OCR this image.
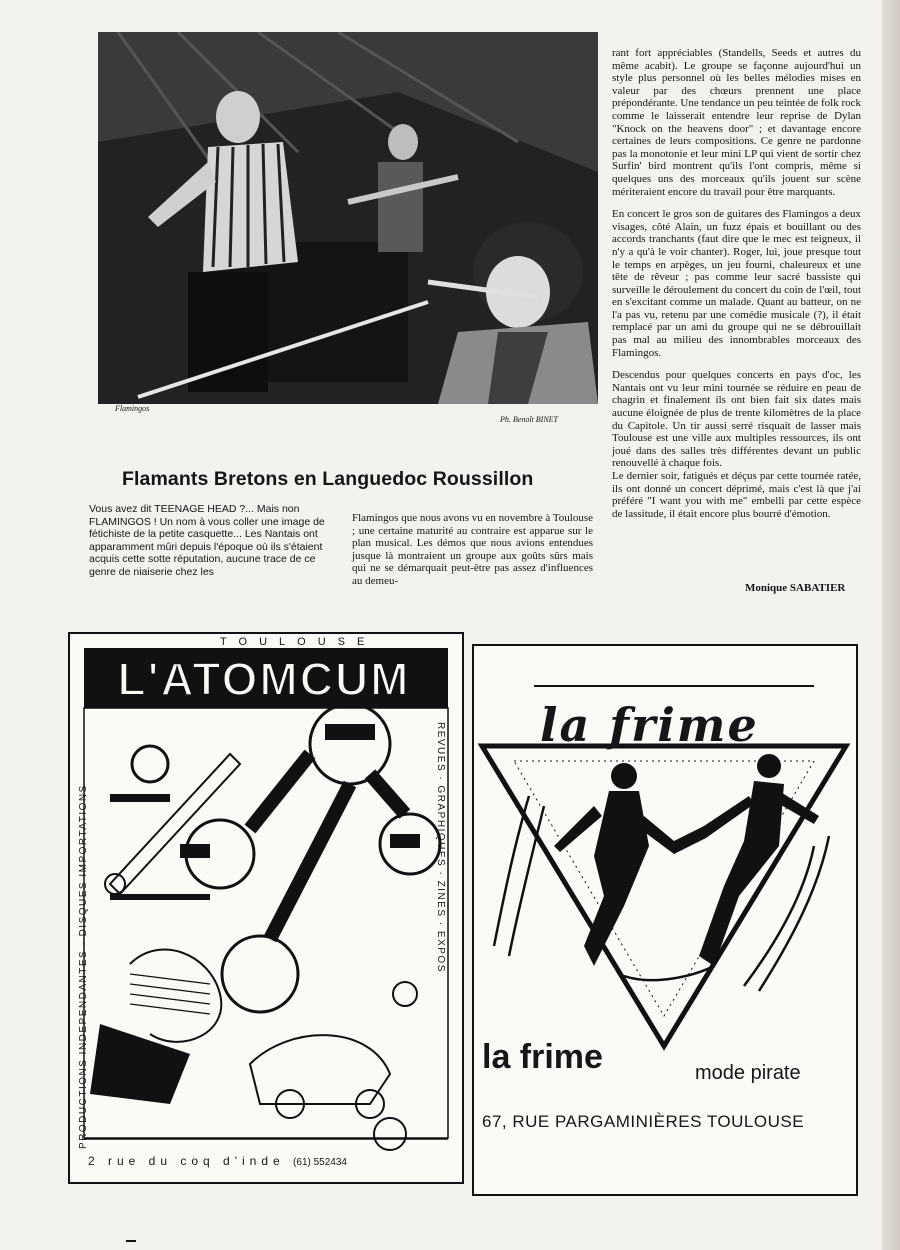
Flamingos
Ph. Benoît BINET
Flamants Bretons en Languedoc Roussillon

Vous avez dit TEENAGE HEAD ?... Mais non FLAMINGOS ! Un nom à vous coller une image de fétichiste de la petite casquette... Les Nantais ont apparamment mûri depuis l'époque où ils s'étaient acquis cette sotte réputation, aucune trace de ce genre de niaiserie chez les

Flamingos que nous avons vu en novembre à Toulouse ; une certaine maturité au contraire est apparue sur le plan musical. Les démos que nous avions entendues jusque là montraient un groupe aux goûts sûrs mais qui ne se démarquait peut-être pas assez d'influences au demeu-

rant fort appréciables (Standells, Seeds et autres du même acabit). Le groupe se façonne aujourd'hui un style plus personnel où les belles mélodies mises en valeur par des chœurs prennent une place prépondérante. Une tendance un peu teintée de folk rock comme le laisserait entendre leur reprise de Dylan "Knock on the heavens door" ; et davantage encore certaines de leurs compositions. Ce genre ne pardonne pas la monotonie et leur mini LP qui vient de sortir chez Surfin' bird montrent qu'ils l'ont compris, même si quelques uns des morceaux qu'ils jouent sur scène mériteraient encore du travail pour être marquants.

En concert le gros son de guitares des Flamingos a deux visages, côté Alain, un fuzz épais et bouillant ou des accords tranchants (faut dire que le mec est teigneux, il n'y a qu'à le voir chanter). Roger, lui, joue presque tout le temps en arpèges, un jeu fourni, chaleureux et une tête de rêveur ; pas comme leur sacré bassiste qui surveille le déroulement du concert du coin de l'œil, tout en s'excitant comme un malade. Quant au batteur, on ne l'a pas vu, retenu par une comédie musicale (?), il était remplacé par un ami du groupe qui ne se débrouillait pas mal au milieu des innombrables morceaux des Flamingos.

Descendus pour quelques concerts en pays d'oc, les Nantais ont vu leur mini tournée se réduire en peau de chagrin et finalement ils ont bien fait six dates mais aucune éloignée de plus de trente kilomètres de la place du Capitole. Un tir aussi serré risquait de lasser mais Toulouse est une ville aux multiples ressources, ils ont joué dans des salles très différentes devant un public renouvellé à chaque fois.

Le dernier soir, fatigués et déçus par cette tournée ratée, ils ont donné un concert déprimé, mais c'est là que j'ai préféré "I want you with me" embelli par cette espèce de lassitude, il était encore plus bourré d'émotion.

Monique SABATIER
TOULOUSE
L'ATOMCUM
PRODUCTIONS INDEPENDANTES · DISQUES IMPORTATIONS	REVUES · GRAPHIQUES · ZINES · EXPOS
2 rue du coq d'inde (61) 552434
la frime
la frime	mode pirate
67, RUE PARGAMINIÈRES TOULOUSE
